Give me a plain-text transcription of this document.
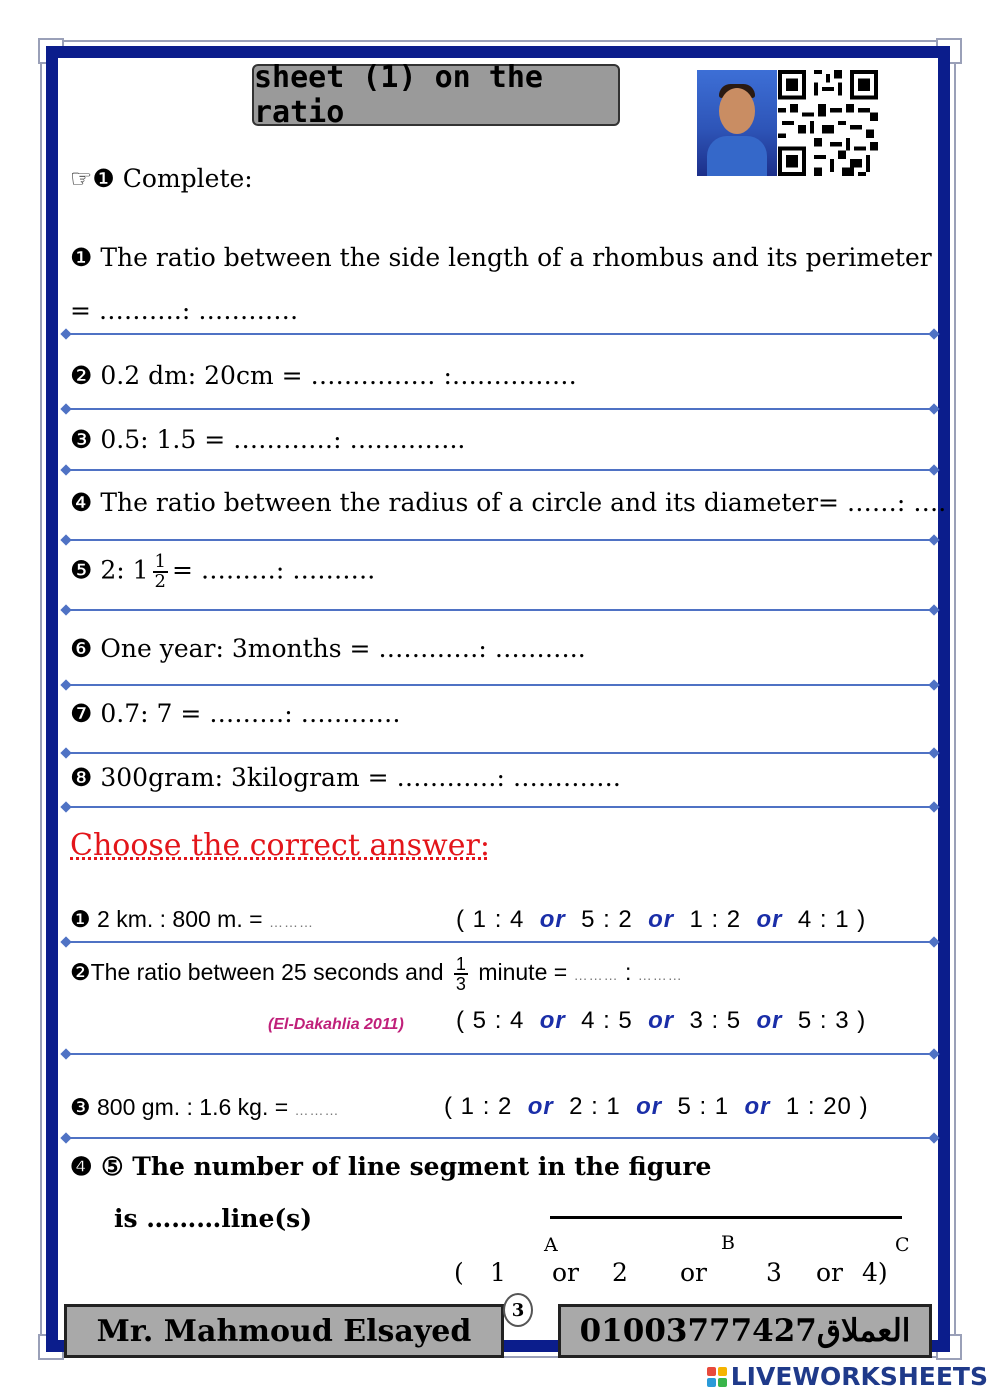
sheet (1) on the ratio
☞❶ Complete:
❶ The ratio between the side length of a rhombus and its perimeter
= ……….: …………
❷ 0.2 dm: 20cm = …………… :……………
❸ 0.5: 1.5 = …………: …………..
❹ The ratio between the radius of a circle and its diameter= ……: ….
❺ 2: $1 \frac{1}{2}$ = ………: ……….
❻ One year: 3months = …………: ………..
❼ 0.7: 7 = ………: …………
❽ 300gram: 3kilogram = …………: ………….
Choose the correct answer:
❶ 2 km. : 800 m. = ………	( 1 : 4 or 5 : 2 or 1 : 2 or 4 : 1 )
❷The ratio between 25 seconds and $\frac{1}{3}$ minute = ……… : ………
(El-Dakahlia 2011) ( 5 : 4 or 4 : 5 or 3 : 5 or 5 : 3 )
❸ 800 gm. : 1.6 kg. = ………	( 1 : 2 or 2 : 1 or 5 : 1 or 1 : 20 )
❹ ⑤ The number of line segment in the figure
is ………line(s)
A	B	C
( 1 or 2 or 3 or 4)
Mr. Mahmoud Elsayed
3
01003777427العملاق
LIVEWORKSHEETS
